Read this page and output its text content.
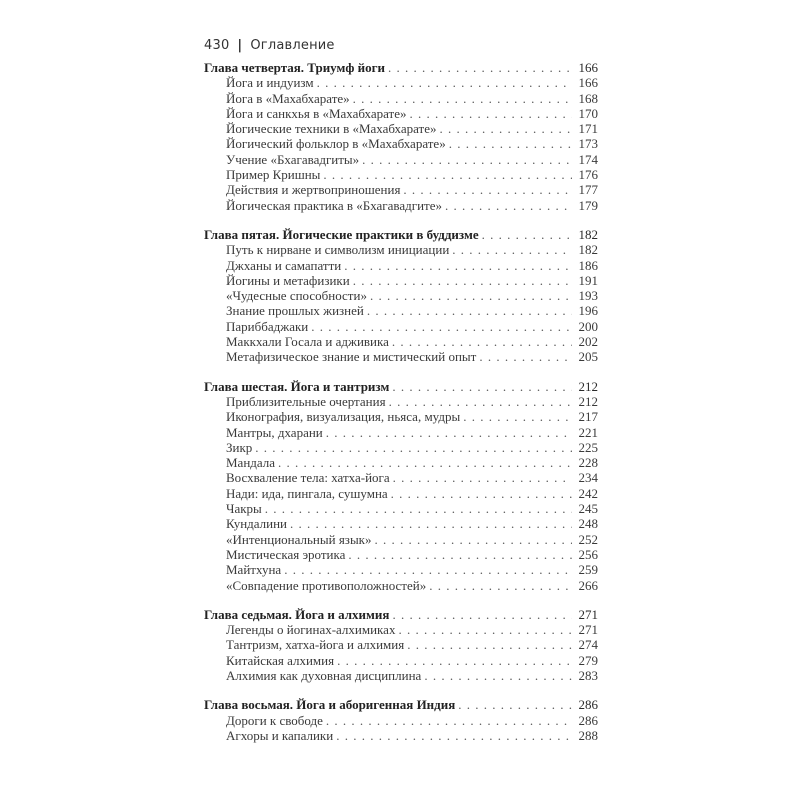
430 | Оглавление
Глава четвертая. Триумф йоги . . .	166
Йога и индуизм . . .	166
Йога в «Махабхарате» . . .	168
Йога и санкхья в «Махабхарате» . . .	170
Йогические техники в «Махабхарате» . . .	171
Йогический фольклор в «Махабхарате» . . .	173
Учение «Бхагавадгиты» . . .	174
Пример Кришны . . .	176
Действия и жертвоприношения . . .	177
Йогическая практика в «Бхагавадгите» . . .	179
Глава пятая. Йогические практики в буддизме . . .	182
Путь к нирване и символизм инициации . . .	182
Джханы и самапатти . . .	186
Йогины и метафизики . . .	191
«Чудесные способности» . . .	193
Знание прошлых жизней . . .	196
Париббаджаки . . .	200
Маккхали Госала и адживика . . .	202
Метафизическое знание и мистический опыт . . .	205
Глава шестая. Йога и тантризм . . .	212
Приблизительные очертания . . .	212
Иконография, визуализация, ньяса, мудры . . .	217
Мантры, дхарани . . .	221
Зикр . . .	225
Мандала . . .	228
Восхваление тела: хатха-йога . . .	234
Нади: ида, пингала, сушумна . . .	242
Чакры . . .	245
Кундалини . . .	248
«Интенциональный язык» . . .	252
Мистическая эротика . . .	256
Майтхуна . . .	259
«Совпадение противоположностей» . . .	266
Глава седьмая. Йога и алхимия . . .	271
Легенды о йогинах-алхимиках . . .	271
Тантризм, хатха-йога и алхимия . . .	274
Китайская алхимия . . .	279
Алхимия как духовная дисциплина . . .	283
Глава восьмая. Йога и аборигенная Индия . . .	286
Дороги к свободе . . .	286
Агхоры и капалики . . .	288
